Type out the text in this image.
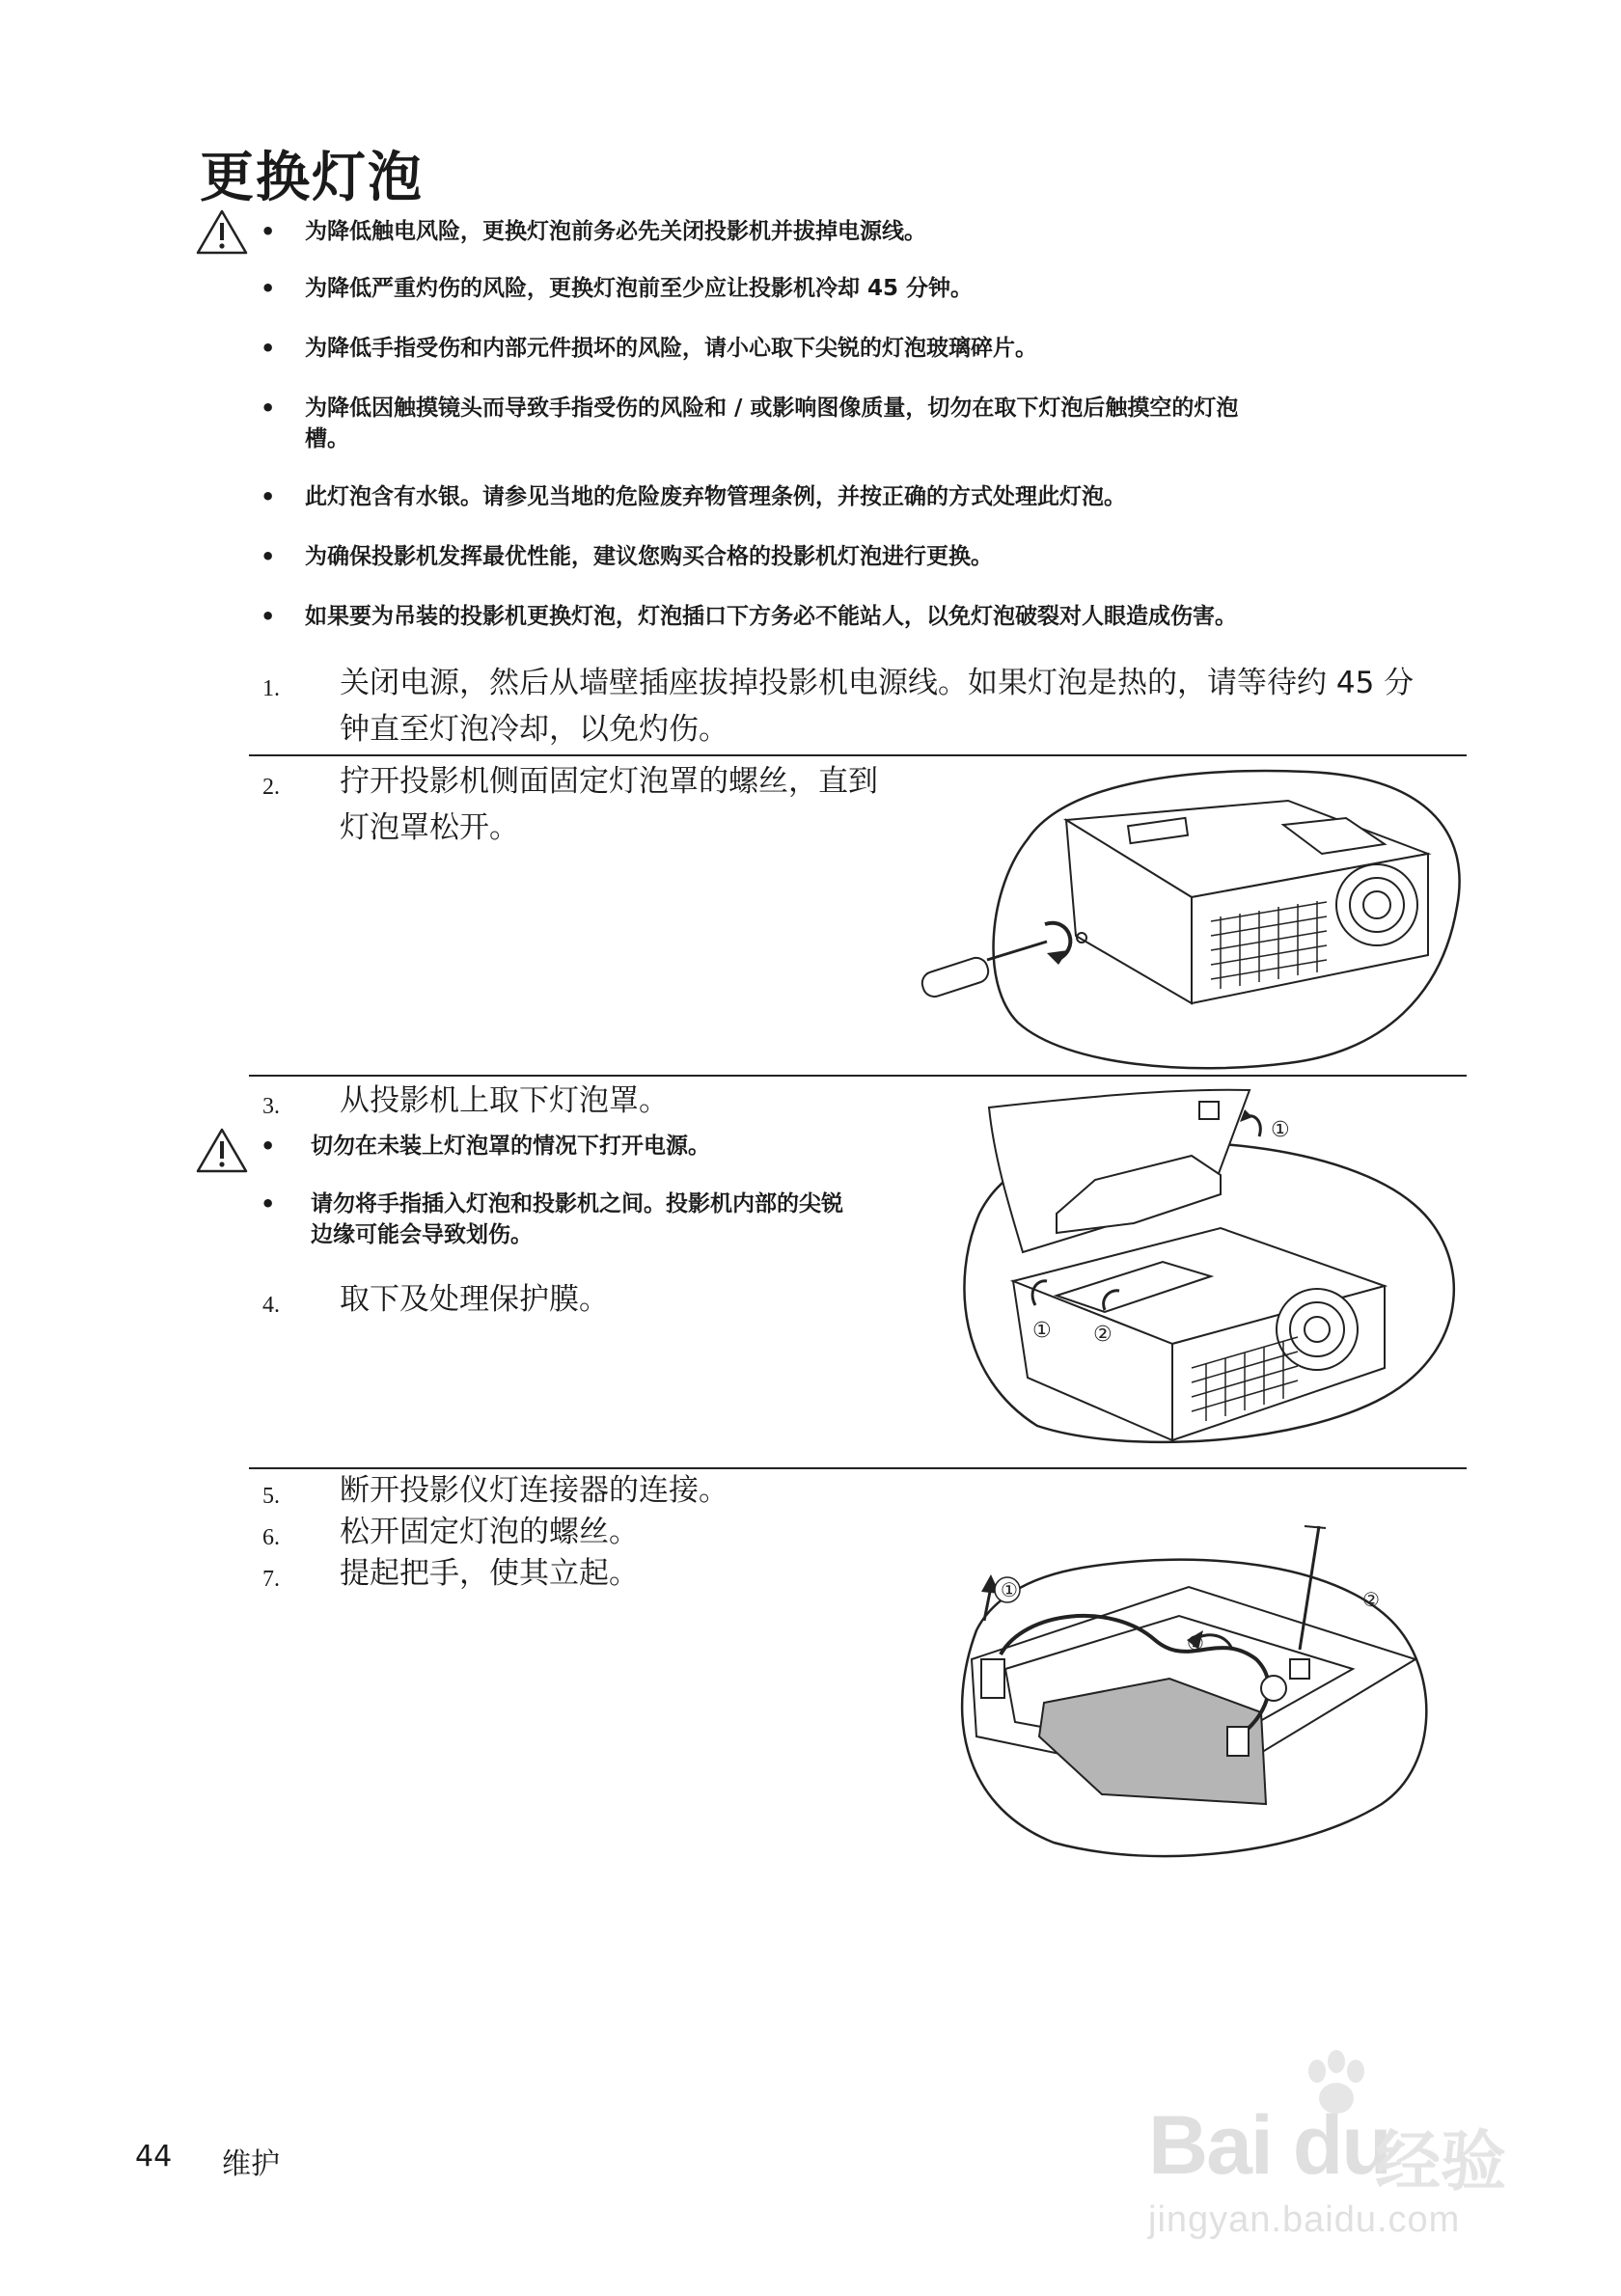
更换灯泡
• 为降低触电风险，更换灯泡前务必先关闭投影机并拔掉电源线。
• 为降低严重灼伤的风险，更换灯泡前至少应让投影机冷却 45 分钟。
• 为降低手指受伤和内部元件损坏的风险，请小心取下尖锐的灯泡玻璃碎片。
• 为降低因触摸镜头而导致手指受伤的风险和 / 或影响图像质量，切勿在取下灯泡后触摸空的灯泡槽。
• 此灯泡含有水银。请参见当地的危险废弃物管理条例，并按正确的方式处理此灯泡。
• 为确保投影机发挥最优性能，建议您购买合格的投影机灯泡进行更换。
• 如果要为吊装的投影机更换灯泡，灯泡插口下方务必不能站人，以免灯泡破裂对人眼造成伤害。
1. 关闭电源，然后从墙壁插座拔掉投影机电源线。如果灯泡是热的，请等待约 45 分钟直至灯泡冷却，以免灼伤。
2. 拧开投影机侧面固定灯泡罩的螺丝，直到灯泡罩松开。
3. 从投影机上取下灯泡罩。
• 切勿在未装上灯泡罩的情况下打开电源。
• 请勿将手指插入灯泡和投影机之间。投影机内部的尖锐边缘可能会导致划伤。
4. 取下及处理保护膜。
①
① ②
5. 断开投影仪灯连接器的连接。
6. 松开固定灯泡的螺丝。
7. 提起把手，使其立起。	①
③
②
44 维护	Bai du
经验
jingyan.baidu.com
